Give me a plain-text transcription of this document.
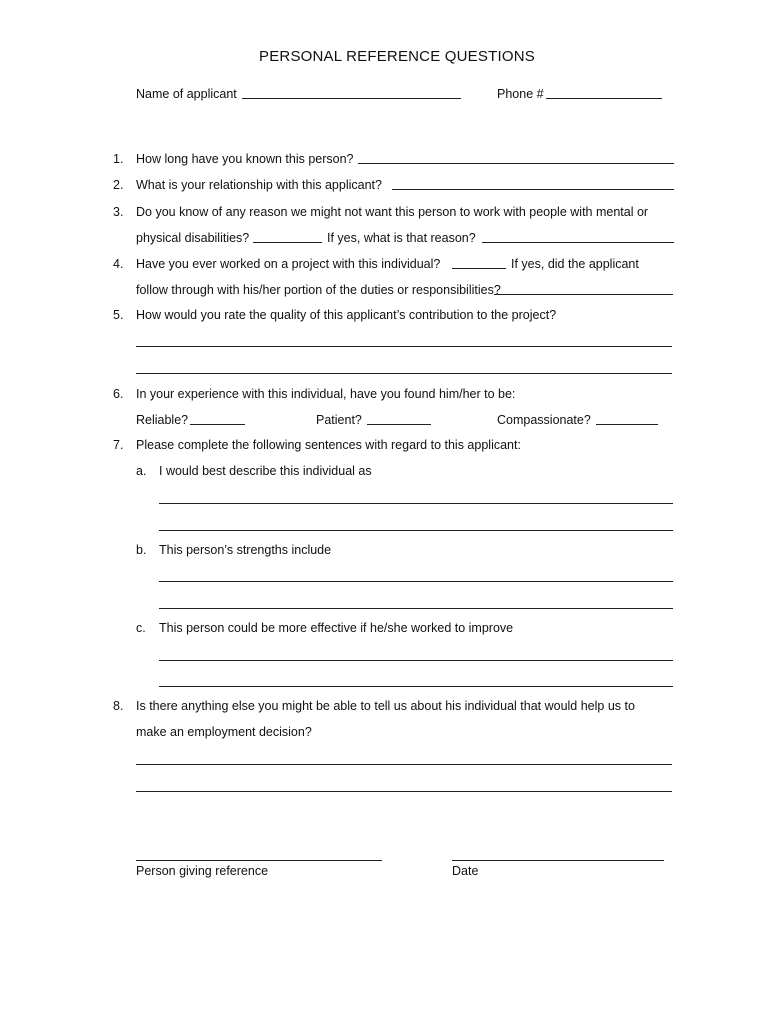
PERSONAL REFERENCE QUESTIONS
Name of applicant	Phone #
1. How long have you known this person?
2. What is your relationship with this applicant?
3. Do you know of any reason we might not want this person to work with people with mental or
physical disabilities?	If yes, what is that reason?
4. Have you ever worked on a project with this individual?	If yes, did the applicant
follow through with his/her portion of the duties or responsibilities?
5. How would you rate the quality of this applicant’s contribution to the project?
6. In your experience with this individual, have you found him/her to be:
Reliable?	Patient?	Compassionate?
7. Please complete the following sentences with regard to this applicant:
a. I would best describe this individual as
b. This person’s strengths include
c. This person could be more effective if he/she worked to improve
8. Is there anything else you might be able to tell us about his individual that would help us to
make an employment decision?
Person giving reference	Date
